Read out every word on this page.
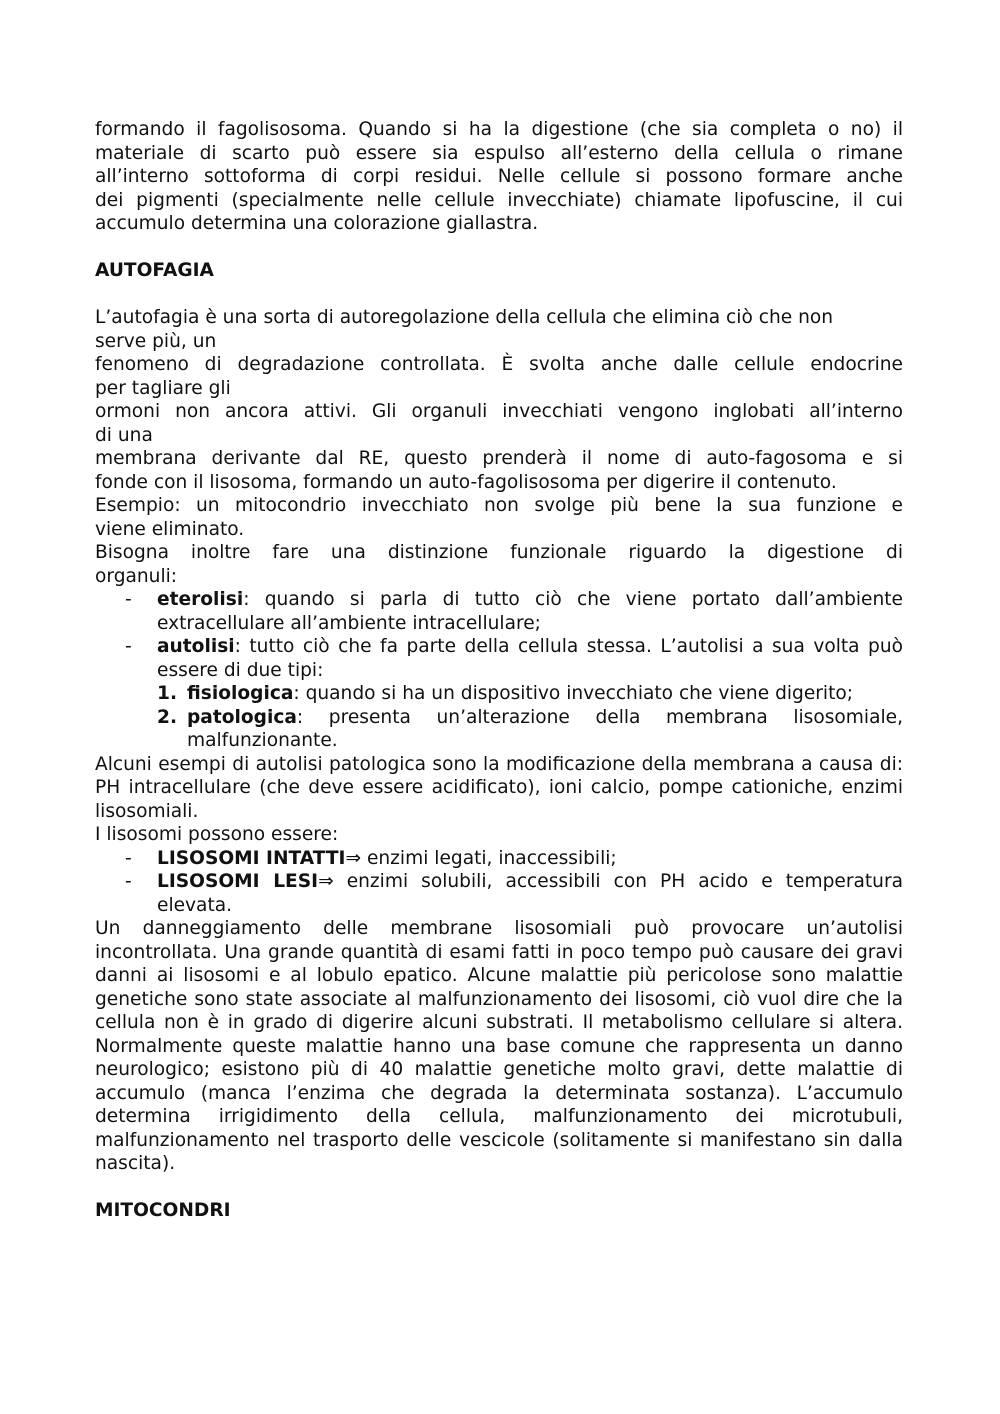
formando il fagolisosoma. Quando si ha la digestione (che sia completa o no) il

materiale di scarto può essere sia espulso all’esterno della cellula o rimane

all’interno sottoforma di corpi residui. Nelle cellule si possono formare anche

dei pigmenti (specialmente nelle cellule invecchiate) chiamate lipofuscine, il cui

accumulo determina una colorazione giallastra.

AUTOFAGIA

L’autofagia è una sorta di autoregolazione della cellula che elimina ciò che non

serve più, un

fenomeno di degradazione controllata. È svolta anche dalle cellule endocrine

per tagliare gli

ormoni non ancora attivi. Gli organuli invecchiati vengono inglobati all’interno

di una

membrana derivante dal RE, questo prenderà il nome di auto-fagosoma e si

fonde con il lisosoma, formando un auto-fagolisosoma per digerire il contenuto.

Esempio: un mitocondrio invecchiato non svolge più bene la sua funzione e

viene eliminato.

Bisogna inoltre fare una distinzione funzionale riguardo la digestione di

organuli:

- eterolisi: quando si parla di tutto ciò che viene portato dall’ambiente extracellulare all’ambiente intracellulare;
- autolisi: tutto ciò che fa parte della cellula stessa. L’autolisi a sua volta può essere di due tipi:
1. fisiologica: quando si ha un dispositivo invecchiato che viene digerito;
2. patologica: presenta un’alterazione della membrana lisosomiale, malfunzionante.

Alcuni esempi di autolisi patologica sono la modificazione della membrana a causa di: PH intracellulare (che deve essere acidificato), ioni calcio, pompe cationiche, enzimi lisosomiali.

I lisosomi possono essere:

- LISOSOMI INTATTI⇒ enzimi legati, inaccessibili;
- LISOSOMI LESI⇒ enzimi solubili, accessibili con PH acido e temperatura elevata.

Un danneggiamento delle membrane lisosomiali può provocare un’autolisi incontrollata. Una grande quantità di esami fatti in poco tempo può causare dei gravi danni ai lisosomi e al lobulo epatico. Alcune malattie più pericolose sono malattie genetiche sono state associate al malfunzionamento dei lisosomi, ciò vuol dire che la cellula non è in grado di digerire alcuni substrati. Il metabolismo cellulare si altera. Normalmente queste malattie hanno una base comune che rappresenta un danno neurologico; esistono più di 40 malattie genetiche molto gravi, dette malattie di accumulo (manca l’enzima che degrada la determinata sostanza). L’accumulo determina irrigidimento della cellula, malfunzionamento dei microtubuli, malfunzionamento nel trasporto delle vescicole (solitamente si manifestano sin dalla nascita).

MITOCONDRI
